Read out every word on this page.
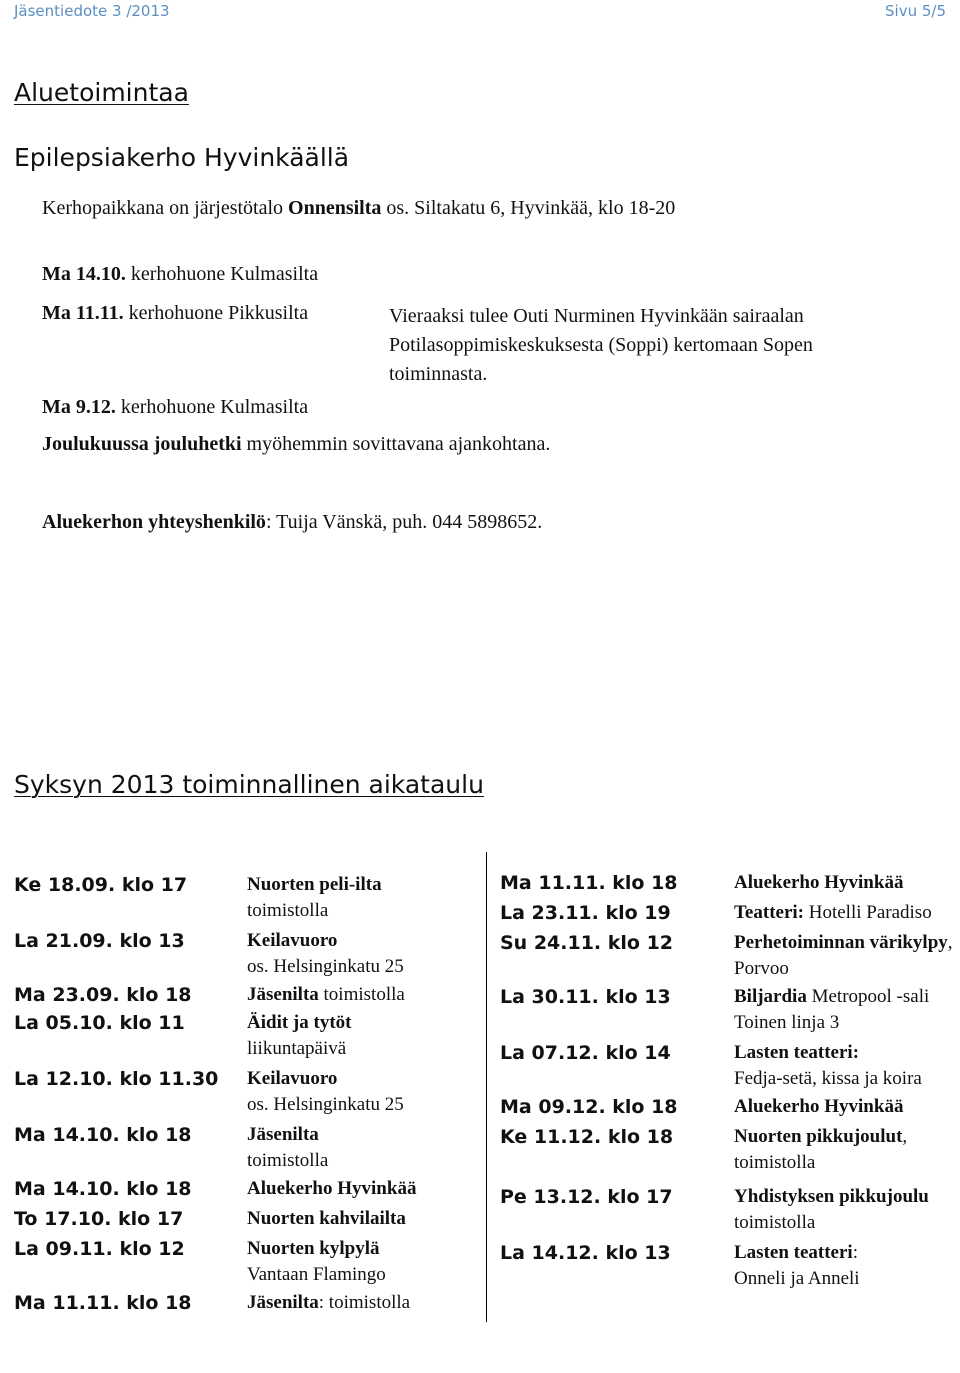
Jäsentiedote 3 /2013	Sivu 5/5
Aluetoimintaa
Epilepsiakerho Hyvinkäällä
Kerhopaikkana on järjestötalo Onnensilta os. Siltakatu 6, Hyvinkää, klo 18-20
Ma 14.10. kerhohuone Kulmasilta
Ma 11.11. kerhohuone Pikkusilta	Vieraaksi tulee Outi Nurminen Hyvinkään sairaalan Potilasoppimiskeskuksesta (Soppi) kertomaan Sopen toiminnasta.
Ma 9.12. kerhohuone Kulmasilta
Joulukuussa jouluhetki myöhemmin sovittavana ajankohtana.
Aluekerhon yhteyshenkilö: Tuija Vänskä, puh. 044 5898652.
Syksyn 2013 toiminnallinen aikataulu
Ke 18.09. klo 17	Nuorten peli-ilta
toimistolla
La 21.09. klo 13	Keilavuoro
os. Helsinginkatu 25
Ma 23.09. klo 18	Jäsenilta toimistolla
La 05.10. klo 11	Äidit ja tytöt
liikuntapäivä
La 12.10. klo 11.30	Keilavuoro
os. Helsinginkatu 25
Ma 14.10. klo 18	Jäsenilta
toimistolla
Ma 14.10. klo 18	Aluekerho Hyvinkää
To 17.10. klo 17	Nuorten kahvilailta
La 09.11. klo 12	Nuorten kylpylä
Vantaan Flamingo
Ma 11.11. klo 18	Jäsenilta: toimistolla
Ma 11.11. klo 18	Aluekerho Hyvinkää
La 23.11. klo 19	Teatteri: Hotelli Paradiso
Su 24.11. klo 12	Perhetoiminnan värikylpy, Porvoo
La 30.11. klo 13	Biljardia Metropool -sali
Toinen linja 3
La 07.12. klo 14	Lasten teatteri:
Fedja-setä, kissa ja koira
Ma 09.12. klo 18	Aluekerho Hyvinkää
Ke 11.12. klo 18	Nuorten pikkujoulut,
toimistolla
Pe 13.12. klo 17	Yhdistyksen pikkujoulu
toimistolla
La 14.12. klo 13	Lasten teatteri:
Onneli ja Anneli
